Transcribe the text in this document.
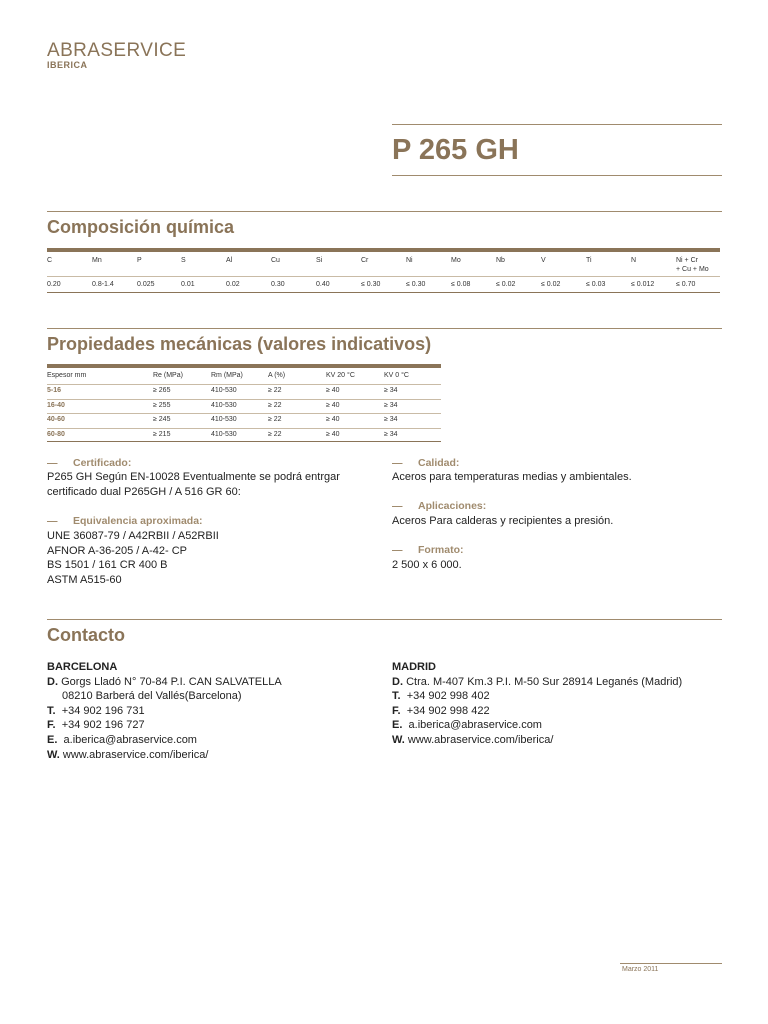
ABRASERVICE
IBERICA
P 265 GH
Composición química
C	Mn	P	S	Al	Cu	Si	Cr	Ni	Mo	Nb	V	Ti	N	Ni + Cr
+ Cu + Mo
0.20	0.8-1.4	0.025	0.01	0.02	0.30	0.40	≤ 0.30	≤ 0.30	≤ 0.08	≤ 0.02	≤ 0.02	≤ 0.03	≤ 0.012	≤ 0.70
Propiedades mecánicas (valores indicativos)
Espesor mm	Re (MPa)	Rm (MPa)	A (%)	KV 20 °C	KV 0 °C
5-16	≥ 265	410-530	≥ 22	≥ 40	≥ 34
16-40	≥ 255	410-530	≥ 22	≥ 40	≥ 34
40-60	≥ 245	410-530	≥ 22	≥ 40	≥ 34
60-80	≥ 215	410-530	≥ 22	≥ 40	≥ 34
— Certificado:
P265 GH Según EN-10028 Eventualmente se podrá entrgar certificado dual P265GH / A 516 GR 60:
— Equivalencia aproximada:
UNE 36087-79 / A42RBII / A52RBII
AFNOR A-36-205 / A-42- CP
BS 1501 / 161 CR 400 B
ASTM A515-60
— Calidad:
Aceros para temperaturas medias y ambientales.
— Aplicaciones:
Aceros Para calderas y recipientes a presión.
— Formato:
2 500 x 6 000.
Contacto
BARCELONA
D. Gorgs Lladó N° 70-84 P.I. CAN SALVATELLA
08210 Barberá del Vallés(Barcelona)
T. +34 902 196 731
F. +34 902 196 727
E. a.iberica@abraservice.com
W. www.abraservice.com/iberica/
MADRID
D. Ctra. M-407 Km.3 P.I. M-50 Sur 28914 Leganés (Madrid)
T. +34 902 998 402
F. +34 902 998 422
E. a.iberica@abraservice.com
W. www.abraservice.com/iberica/
Marzo 2011
